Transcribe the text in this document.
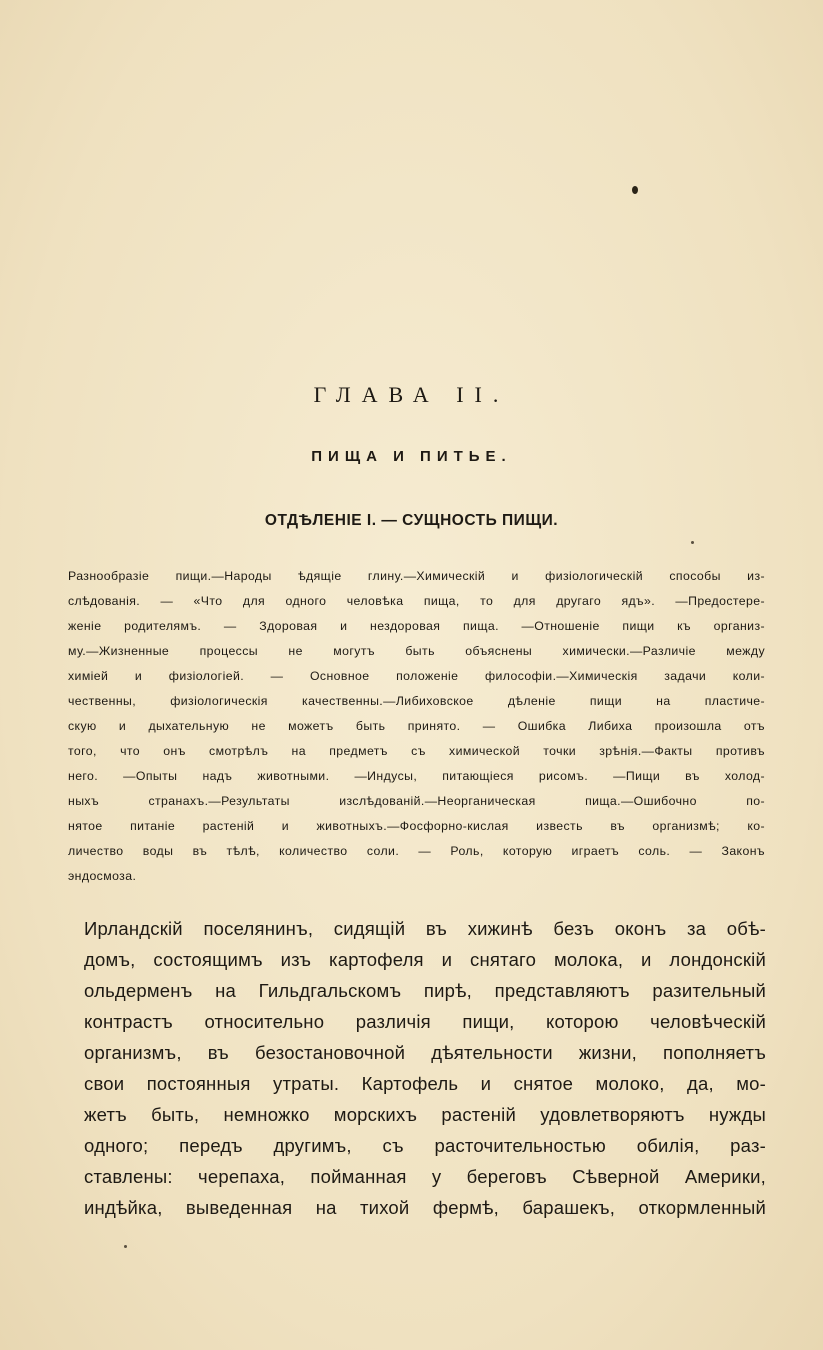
ГЛАВА II.
ПИЩА И ПИТЬЕ.
ОТДѢЛЕНІЕ I. — СУЩНОСТЬ ПИЩИ.
Разнообразіе пищи.—Народы ѣдящіе глину.—Химическій и физіологическій способы из-
слѣдованія. — «Что для одного человѣка пища, то для другаго ядъ». —Предостере-
женіе родителямъ. — Здоровая и нездоровая пища. —Отношеніе пищи къ организ-
му.—Жизненные процессы не могутъ быть объяснены химически.—Различіе между
химіей и физіологіей. — Основное положеніе философіи.—Химическія задачи коли-
чественны, физіологическія качественны.—Либиховское дѣленіе пищи на пластиче-
скую и дыхательную не можетъ быть принято. — Ошибка Либиха произошла отъ
того, что онъ смотрѣлъ на предметъ съ химической точки зрѣнія.—Факты противъ
него. —Опыты надъ животными. —Индусы, питающіеся рисомъ. —Пищи въ холод-
ныхъ странахъ.—Результаты изслѣдованій.—Неорганическая пища.—Ошибочно по-
нятое питаніе растеній и животныхъ.—Фосфорно-кислая известь въ организмѣ; ко-
личество воды въ тѣлѣ, количество соли. — Роль, которую играетъ соль. — Законъ
эндосмоза.
Ирландскій поселянинъ, сидящій въ хижинѣ безъ оконъ за обѣ-
домъ, состоящимъ изъ картофеля и снятаго молока, и лондонскій
ольдерменъ на Гильдгальскомъ пирѣ, представляютъ разительный
контрастъ относительно различія пищи, которою человѣческій
организмъ, въ безостановочной дѣятельности жизни, пополняетъ
свои постоянныя утраты. Картофель и снятое молоко, да, мо-
жетъ быть, немножко морскихъ растеній удовлетворяютъ нужды
одного; передъ другимъ, съ расточительностью обилія, раз-
ставлены: черепаха, пойманная у береговъ Сѣверной Америки,
индѣйка, выведенная на тихой фермѣ, барашекъ, откормленный
